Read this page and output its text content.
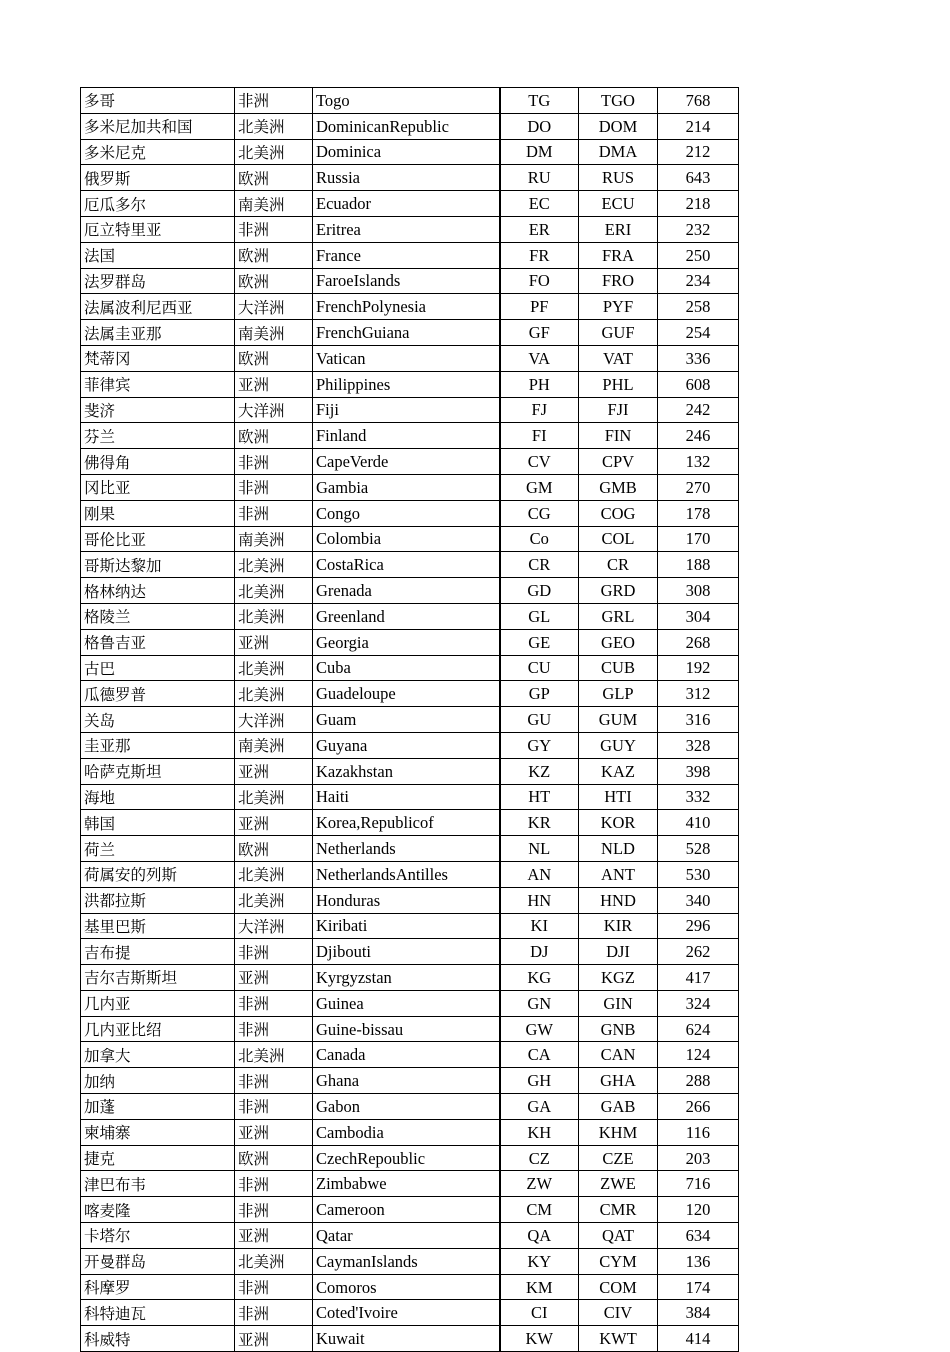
多哥	非洲	Togo	TG	TGO	768
多米尼加共和国	北美洲	DominicanRepublic	DO	DOM	214
多米尼克	北美洲	Dominica	DM	DMA	212
俄罗斯	欧洲	Russia	RU	RUS	643
厄瓜多尔	南美洲	Ecuador	EC	ECU	218
厄立特里亚	非洲	Eritrea	ER	ERI	232
法国	欧洲	France	FR	FRA	250
法罗群岛	欧洲	FaroeIslands	FO	FRO	234
法属波利尼西亚	大洋洲	FrenchPolynesia	PF	PYF	258
法属圭亚那	南美洲	FrenchGuiana	GF	GUF	254
梵蒂冈	欧洲	Vatican	VA	VAT	336
菲律宾	亚洲	Philippines	PH	PHL	608
斐济	大洋洲	Fiji	FJ	FJI	242
芬兰	欧洲	Finland	FI	FIN	246
佛得角	非洲	CapeVerde	CV	CPV	132
冈比亚	非洲	Gambia	GM	GMB	270
刚果	非洲	Congo	CG	COG	178
哥伦比亚	南美洲	Colombia	Co	COL	170
哥斯达黎加	北美洲	CostaRica	CR	CR	188
格林纳达	北美洲	Grenada	GD	GRD	308
格陵兰	北美洲	Greenland	GL	GRL	304
格鲁吉亚	亚洲	Georgia	GE	GEO	268
古巴	北美洲	Cuba	CU	CUB	192
瓜德罗普	北美洲	Guadeloupe	GP	GLP	312
关岛	大洋洲	Guam	GU	GUM	316
圭亚那	南美洲	Guyana	GY	GUY	328
哈萨克斯坦	亚洲	Kazakhstan	KZ	KAZ	398
海地	北美洲	Haiti	HT	HTI	332
韩国	亚洲	Korea,Republicof	KR	KOR	410
荷兰	欧洲	Netherlands	NL	NLD	528
荷属安的列斯	北美洲	NetherlandsAntilles	AN	ANT	530
洪都拉斯	北美洲	Honduras	HN	HND	340
基里巴斯	大洋洲	Kiribati	KI	KIR	296
吉布提	非洲	Djibouti	DJ	DJI	262
吉尔吉斯斯坦	亚洲	Kyrgyzstan	KG	KGZ	417
几内亚	非洲	Guinea	GN	GIN	324
几内亚比绍	非洲	Guine-bissau	GW	GNB	624
加拿大	北美洲	Canada	CA	CAN	124
加纳	非洲	Ghana	GH	GHA	288
加蓬	非洲	Gabon	GA	GAB	266
柬埔寨	亚洲	Cambodia	KH	KHM	116
捷克	欧洲	CzechRepoublic	CZ	CZE	203
津巴布韦	非洲	Zimbabwe	ZW	ZWE	716
喀麦隆	非洲	Cameroon	CM	CMR	120
卡塔尔	亚洲	Qatar	QA	QAT	634
开曼群岛	北美洲	CaymanIslands	KY	CYM	136
科摩罗	非洲	Comoros	KM	COM	174
科特迪瓦	非洲	Coted'Ivoire	CI	CIV	384
科威特	亚洲	Kuwait	KW	KWT	414
